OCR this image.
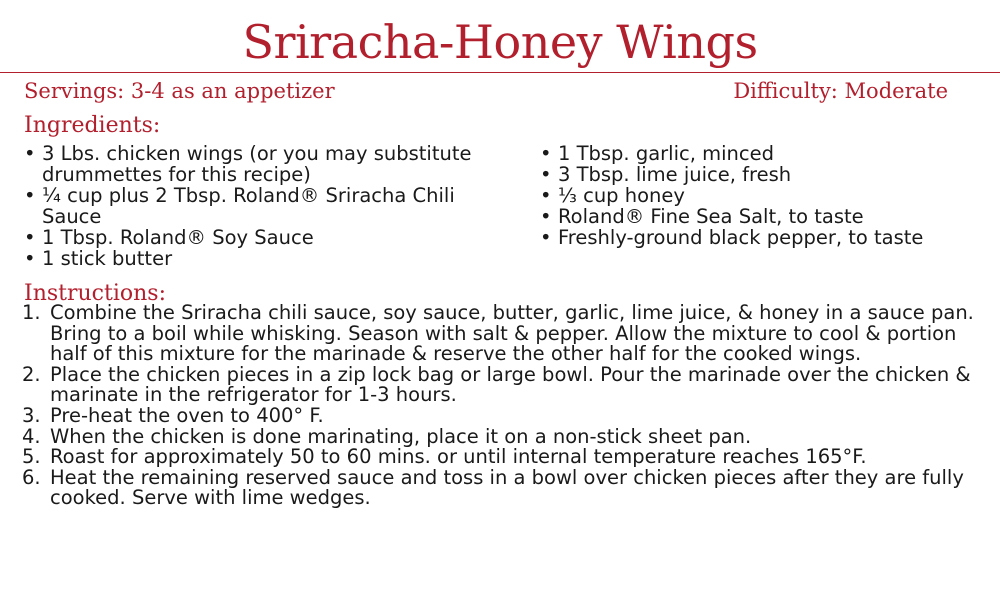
Sriracha-Honey Wings
Servings: 3-4 as an appetizer	Difficulty: Moderate
Ingredients:
• 3 Lbs. chicken wings (or you may substitute drummettes for this recipe)
• ¼ cup plus 2 Tbsp. Roland® Sriracha Chili Sauce
• 1 Tbsp. Roland® Soy Sauce
• 1 stick butter
• 1 Tbsp. garlic, minced
• 3 Tbsp. lime juice, fresh
• ⅓ cup honey
• Roland® Fine Sea Salt, to taste
• Freshly-ground black pepper, to taste
Instructions:
1. Combine the Sriracha chili sauce, soy sauce, butter, garlic, lime juice, & honey in a sauce pan. Bring to a boil while whisking. Season with salt & pepper. Allow the mixture to cool & portion half of this mixture for the marinade & reserve the other half for the cooked wings.
2. Place the chicken pieces in a zip lock bag or large bowl. Pour the marinade over the chicken & marinate in the refrigerator for 1-3 hours.
3. Pre-heat the oven to 400° F.
4. When the chicken is done marinating, place it on a non-stick sheet pan.
5. Roast for approximately 50 to 60 mins. or until internal temperature reaches 165°F.
6. Heat the remaining reserved sauce and toss in a bowl over chicken pieces after they are fully cooked. Serve with lime wedges.
